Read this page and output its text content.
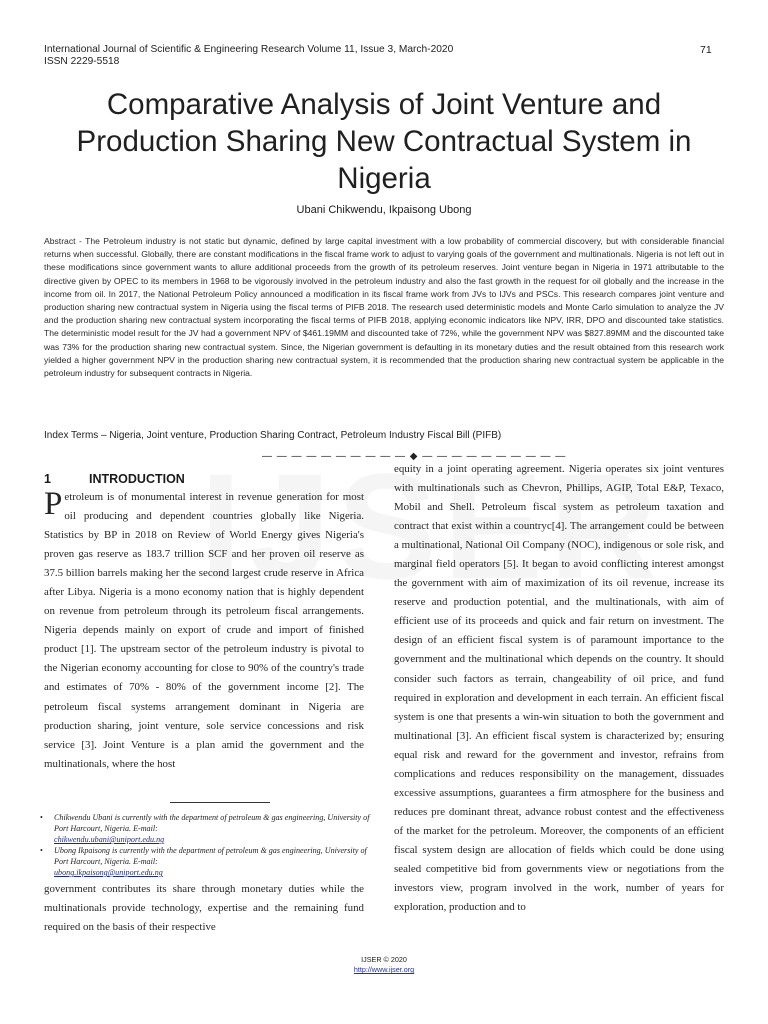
International Journal of Scientific & Engineering Research Volume 11, Issue 3, March-2020
ISSN 2229-5518
71
Comparative Analysis of Joint Venture and Production Sharing New Contractual System in Nigeria
Ubani Chikwendu, Ikpaisong Ubong
Abstract - The Petroleum industry is not static but dynamic, defined by large capital investment with a low probability of commercial discovery, but with considerable financial returns when successful. Globally, there are constant modifications in the fiscal frame work to adjust to varying goals of the government and multinationals. Nigeria is not left out in these modifications since government wants to allure additional proceeds from the growth of its petroleum reserves. Joint venture began in Nigeria in 1971 attributable to the directive given by OPEC to its members in 1968 to be vigorously involved in the petroleum industry and also the fast growth in the request for oil globally and the increase in the income from oil. In 2017, the National Petroleum Policy announced a modification in its fiscal frame work from JVs to IJVs and PSCs. This research compares joint venture and production sharing new contractual system in Nigeria using the fiscal terms of PIFB 2018. The research used deterministic models and Monte Carlo simulation to analyze the JV and the production sharing new contractual system incorporating the fiscal terms of PIFB 2018, applying economic indicators like NPV, IRR, DPO and discounted take statistics. The deterministic model result for the JV had a government NPV of $461.19MM and discounted take of 72%, while the government NPV was $827.89MM and the discounted take was 73% for the production sharing new contractual system. Since, the Nigerian government is defaulting in its monetary duties and the result obtained from this research work yielded a higher government NPV in the production sharing new contractual system, it is recommended that the production sharing new contractual system be applicable in the petroleum industry for subsequent contracts in Nigeria.
Index Terms – Nigeria, Joint venture, Production Sharing Contract, Petroleum Industry Fiscal Bill (PIFB)
— — — — — — — — — — ◆ — — — — — — — — — —
1	INTRODUCTION
Petroleum is of monumental interest in revenue generation for most oil producing and dependent countries globally like Nigeria. Statistics by BP in 2018 on Review of World Energy gives Nigeria's proven gas reserve as 183.7 trillion SCF and her proven oil reserve as 37.5 billion barrels making her the second largest crude reserve in Africa after Libya. Nigeria is a mono economy nation that is highly dependent on revenue from petroleum through its petroleum fiscal arrangements. Nigeria depends mainly on export of crude and import of finished product [1]. The upstream sector of the petroleum industry is pivotal to the Nigerian economy accounting for close to 90% of the country's trade and estimates of 70% - 80% of the government income [2]. The petroleum fiscal systems arrangement dominant in Nigeria are production sharing, joint venture, sole service concessions and risk service [3]. Joint Venture is a plan amid the government and the multinationals, where the host
• Chikwendu Ubani is currently with the department of petroleum & gas engineering, University of Port Harcourt, Nigeria. E-mail:
chikwendu.ubani@uniport.edu.ng
• Ubong Ikpaisong is currently with the department of petroleum & gas engineering, University of Port Harcourt, Nigeria. E-mail:
ubong.ikpaisong@uniport.edu.ng
government contributes its share through monetary duties while the multinationals provide technology, expertise and the remaining fund required on the basis of their respective
equity in a joint operating agreement. Nigeria operates six joint ventures with multinationals such as Chevron, Phillips, AGIP, Total E&P, Texaco, Mobil and Shell. Petroleum fiscal system as petroleum taxation and contract that exist within a countryc[4]. The arrangement could be between a multinational, National Oil Company (NOC), indigenous or sole risk, and marginal field operators [5]. It began to avoid conflicting interest amongst the government with aim of maximization of its oil revenue, increase its reserve and production potential, and the multinationals, with aim of efficient use of its proceeds and quick and fair return on investment. The design of an efficient fiscal system is of paramount importance to the government and the multinational which depends on the country. It should consider such factors as terrain, changeability of oil price, and fund required in exploration and development in each terrain. An efficient fiscal system is one that presents a win-win situation to both the government and multinational [3]. An efficient fiscal system is characterized by; ensuring equal risk and reward for the government and investor, refrains from complications and reduces responsibility on the management, dissuades excessive assumptions, guarantees a firm atmosphere for the business and reduces pre dominant threat, advance robust contest and the effectiveness of the market for the petroleum. Moreover, the components of an efficient fiscal system design are allocation of fields which could be done using sealed competitive bid from governments view or negotiations from the investors view, program involved in the work, number of years for exploration, production and to
IJSER © 2020
http://www.ijser.org
